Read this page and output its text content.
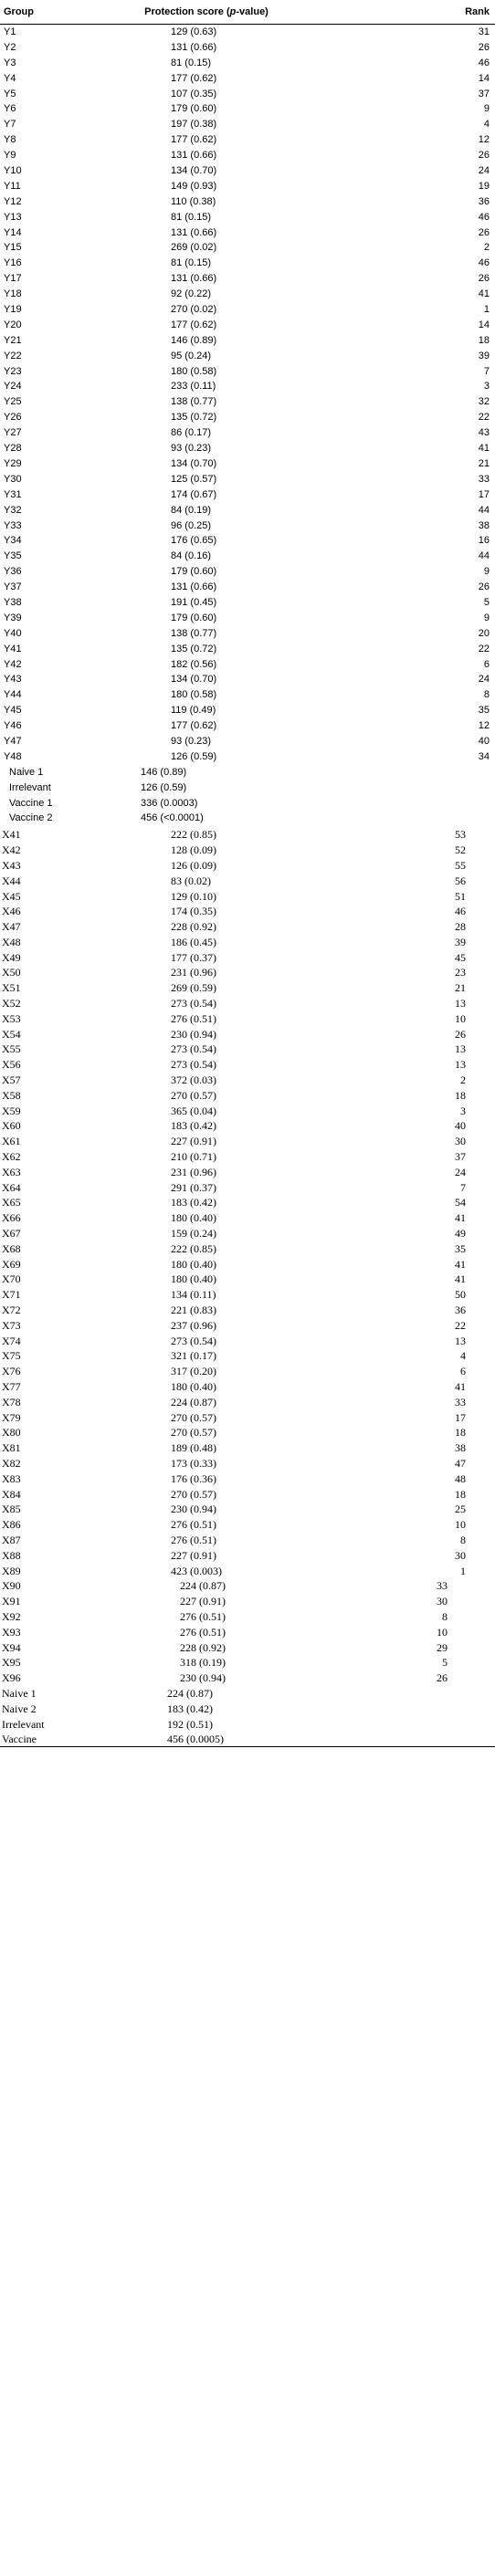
Group	Protection score (p-value)	Rank
Y1	129 (0.63)	31
Y2	131 (0.66)	26
Y3	81 (0.15)	46
Y4	177 (0.62)	14
Y5	107 (0.35)	37
Y6	179 (0.60)	9
Y7	197 (0.38)	4
Y8	177 (0.62)	12
Y9	131 (0.66)	26
Y10	134 (0.70)	24
Y11	149 (0.93)	19
Y12	110 (0.38)	36
Y13	81 (0.15)	46
Y14	131 (0.66)	26
Y15	269 (0.02)	2
Y16	81 (0.15)	46
Y17	131 (0.66)	26
Y18	92 (0.22)	41
Y19	270 (0.02)	1
Y20	177 (0.62)	14
Y21	146 (0.89)	18
Y22	95 (0.24)	39
Y23	180 (0.58)	7
Y24	233 (0.11)	3
Y25	138 (0.77)	32
Y26	135 (0.72)	22
Y27	86 (0.17)	43
Y28	93 (0.23)	41
Y29	134 (0.70)	21
Y30	125 (0.57)	33
Y31	174 (0.67)	17
Y32	84 (0.19)	44
Y33	96 (0.25)	38
Y34	176 (0.65)	16
Y35	84 (0.16)	44
Y36	179 (0.60)	9
Y37	131 (0.66)	26
Y38	191 (0.45)	5
Y39	179 (0.60)	9
Y40	138 (0.77)	20
Y41	135 (0.72)	22
Y42	182 (0.56)	6
Y43	134 (0.70)	24
Y44	180 (0.58)	8
Y45	119 (0.49)	35
Y46	177 (0.62)	12
Y47	93 (0.23)	40
Y48	126 (0.59)	34
Naive 1	146 (0.89)
Irrelevant	126 (0.59)
Vaccine 1	336 (0.0003)
Vaccine 2	456 (<0.0001)
X41	222 (0.85)	53
X42	128 (0.09)	52
X43	126 (0.09)	55
X44	83 (0.02)	56
X45	129 (0.10)	51
X46	174 (0.35)	46
X47	228 (0.92)	28
X48	186 (0.45)	39
X49	177 (0.37)	45
X50	231 (0.96)	23
X51	269 (0.59)	21
X52	273 (0.54)	13
X53	276 (0.51)	10
X54	230 (0.94)	26
X55	273 (0.54)	13
X56	273 (0.54)	13
X57	372 (0.03)	2
X58	270 (0.57)	18
X59	365 (0.04)	3
X60	183 (0.42)	40
X61	227 (0.91)	30
X62	210 (0.71)	37
X63	231 (0.96)	24
X64	291 (0.37)	7
X65	183 (0.42)	54
X66	180 (0.40)	41
X67	159 (0.24)	49
X68	222 (0.85)	35
X69	180 (0.40)	41
X70	180 (0.40)	41
X71	134 (0.11)	50
X72	221 (0.83)	36
X73	237 (0.96)	22
X74	273 (0.54)	13
X75	321 (0.17)	4
X76	317 (0.20)	6
X77	180 (0.40)	41
X78	224 (0.87)	33
X79	270 (0.57)	17
X80	270 (0.57)	18
X81	189 (0.48)	38
X82	173 (0.33)	47
X83	176 (0.36)	48
X84	270 (0.57)	18
X85	230 (0.94)	25
X86	276 (0.51)	10
X87	276 (0.51)	8
X88	227 (0.91)	30
X89	423 (0.003)	1
X90	224 (0.87)	33
X91	227 (0.91)	30
X92	276 (0.51)	8
X93	276 (0.51)	10
X94	228 (0.92)	29
X95	318 (0.19)	5
X96	230 (0.94)	26
Naive 1	224 (0.87)
Naive 2	183 (0.42)
Irrelevant	192 (0.51)
Vaccine	456 (0.0005)
